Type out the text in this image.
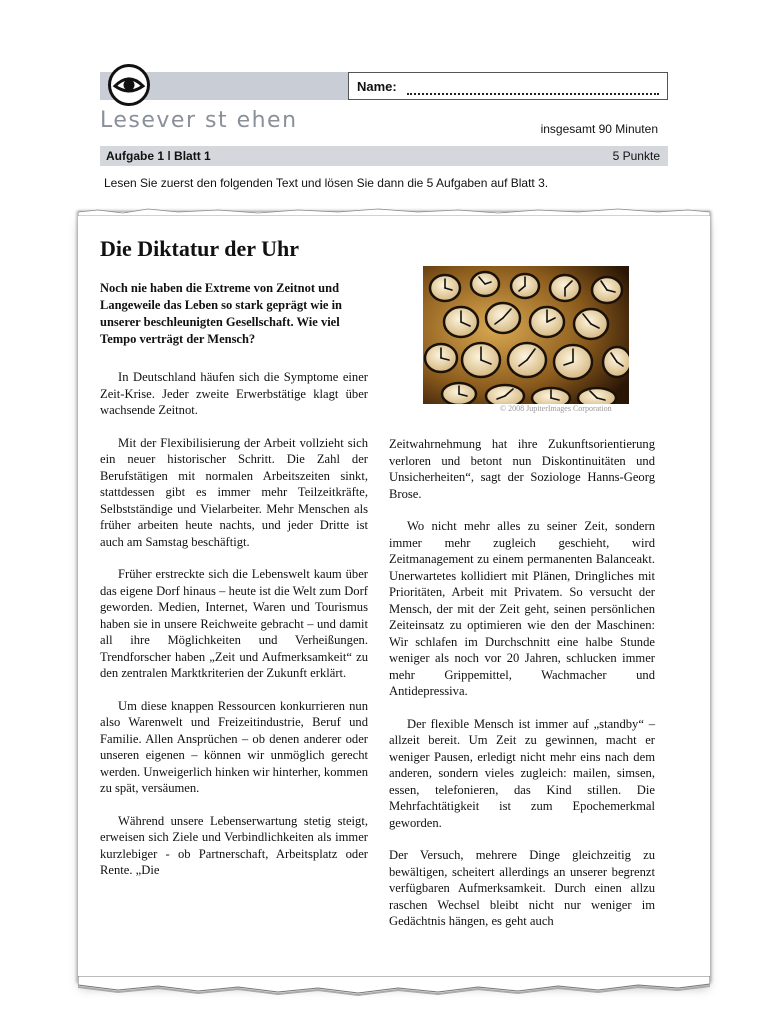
Name:
Lesever st ehen	insgesamt 90 Minuten
Aufgabe 1 ǀ Blatt 1	5 Punkte
Lesen Sie zuerst den folgenden Text und lösen Sie dann die 5 Aufgaben auf Blatt 3.
Die Diktatur der Uhr
Noch nie haben die Extreme von Zeitnot und Langeweile das Leben so stark geprägt wie in unserer beschleunigten Gesellschaft. Wie viel Tempo verträgt der Mensch?
© 2008 JupiterImages Corporation

In Deutschland häufen sich die Symptome einer Zeit-Krise. Jeder zweite Erwerbstätige klagt über wachsende Zeitnot.

Mit der Flexibilisierung der Arbeit vollzieht sich ein neuer historischer Schritt. Die Zahl der Berufstätigen mit normalen Arbeitszeiten sinkt, stattdessen gibt es immer mehr Teilzeitkräfte, Selbstständige und Vielarbeiter. Mehr Menschen als früher arbeiten heute nachts, und jeder Dritte ist auch am Samstag beschäftigt.

Früher erstreckte sich die Lebenswelt kaum über das eigene Dorf hinaus – heute ist die Welt zum Dorf geworden. Medien, Internet, Waren und Tourismus haben sie in unsere Reichweite gebracht – und damit all ihre Möglichkeiten und Verheißungen. Trendforscher haben „Zeit und Aufmerksamkeit“ zu den zentralen Marktkriterien der Zukunft erklärt.

Um diese knappen Ressourcen konkurrieren nun also Warenwelt und Freizeitindustrie, Beruf und Familie. Allen Ansprüchen – ob denen anderer oder unseren eigenen – können wir unmöglich gerecht werden. Unweigerlich hinken wir hinterher, kommen zu spät, versäumen.

Während unsere Lebenserwartung stetig steigt, erweisen sich Ziele und Verbindlichkeiten als immer kurzlebiger - ob Partnerschaft, Arbeitsplatz oder Rente. „Die

Zeitwahrnehmung hat ihre Zukunftsorientierung verloren und betont nun Diskontinuitäten und Unsicherheiten“, sagt der Soziologe Hanns-Georg Brose.

Wo nicht mehr alles zu seiner Zeit, sondern immer mehr zugleich geschieht, wird Zeitmanagement zu einem permanenten Balanceakt. Unerwartetes kollidiert mit Plänen, Dringliches mit Prioritäten, Arbeit mit Privatem. So versucht der Mensch, der mit der Zeit geht, seinen persönlichen Zeiteinsatz zu optimieren wie den der Maschinen: Wir schlafen im Durchschnitt eine halbe Stunde weniger als noch vor 20 Jahren, schlucken immer mehr Grippemittel, Wachmacher und Antidepressiva.

Der flexible Mensch ist immer auf „standby“ – allzeit bereit. Um Zeit zu gewinnen, macht er weniger Pausen, erledigt nicht mehr eins nach dem anderen, sondern vieles zugleich: mailen, simsen, essen, telefonieren, das Kind stillen. Die Mehrfachtätigkeit ist zum Epochemerkmal geworden.

Der Versuch, mehrere Dinge gleichzeitig zu bewältigen, scheitert allerdings an unserer begrenzt verfügbaren Aufmerksamkeit. Durch einen allzu raschen Wechsel bleibt nicht nur weniger im Gedächtnis hängen, es geht auch
